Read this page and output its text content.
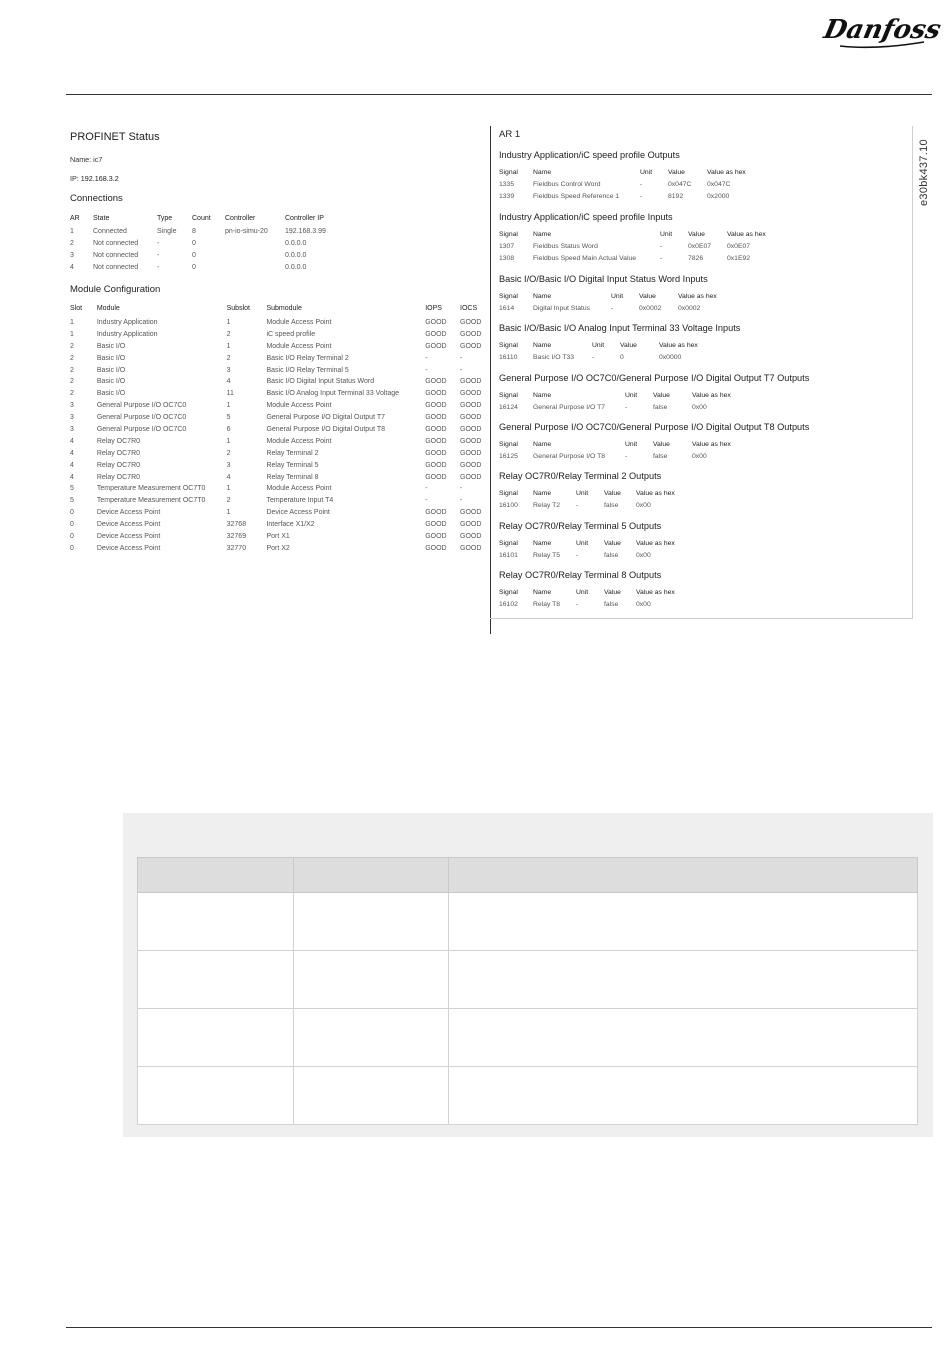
Danfoss
e30bk437.10
PROFINET Status
Name: ic7
IP: 192.168.3.2
Connections
AR	State	Type	Count	Controller	Controller IP
1	Connected	Single	8	pn-io-simu-20	192.168.3.99
2	Not connected	-	0		0.0.0.0
3	Not connected	-	0		0.0.0.0
4	Not connected	-	0		0.0.0.0
Module Configuration
Slot	Module	Subslot	Submodule	IOPS	IOCS
1	Industry Application	1	Module Access Point	GOOD	GOOD
1	Industry Application	2	iC speed profile	GOOD	GOOD
2	Basic I/O	1	Module Access Point	GOOD	GOOD
2	Basic I/O	2	Basic I/O Relay Terminal 2	-	-
2	Basic I/O	3	Basic I/O Relay Terminal 5	-	-
2	Basic I/O	4	Basic I/O Digital Input Status Word	GOOD	GOOD
2	Basic I/O	11	Basic I/O Analog Input Terminal 33 Voltage	GOOD	GOOD
3	General Purpose I/O OC7C0	1	Module Access Point	GOOD	GOOD
3	General Purpose I/O OC7C0	5	General Purpose I/O Digital Output T7	GOOD	GOOD
3	General Purpose I/O OC7C0	6	General Purpose I/O Digital Output T8	GOOD	GOOD
4	Relay OC7R0	1	Module Access Point	GOOD	GOOD
4	Relay OC7R0	2	Relay Terminal 2	GOOD	GOOD
4	Relay OC7R0	3	Relay Terminal 5	GOOD	GOOD
4	Relay OC7R0	4	Relay Terminal 8	GOOD	GOOD
5	Temperature Measurement OC7T0	1	Module Access Point	-	-
5	Temperature Measurement OC7T0	2	Temperature Input T4	-	-
0	Device Access Point	1	Device Access Point	GOOD	GOOD
0	Device Access Point	32768	Interface X1/X2	GOOD	GOOD
0	Device Access Point	32769	Port X1	GOOD	GOOD
0	Device Access Point	32770	Port X2	GOOD	GOOD
AR 1
Industry Application/iC speed profile Outputs
Signal	Name	Unit	Value	Value as hex
1335	Fieldbus Control Word	-	0x047C	0x047C
1339	Fieldbus Speed Reference 1	-	8192	0x2000
Industry Application/iC speed profile Inputs
Signal	Name	Unit	Value	Value as hex
1307	Fieldbus Status Word	-	0x0E07	0x0E07
1308	Fieldbus Speed Main Actual Value	-	7826	0x1E92
Basic I/O/Basic I/O Digital Input Status Word Inputs
Signal	Name	Unit	Value	Value as hex
1614	Digital Input Status	-	0x0002	0x0002
Basic I/O/Basic I/O Analog Input Terminal 33 Voltage Inputs
Signal	Name	Unit	Value	Value as hex
16110	Basic I/O T33	-	0	0x0000
General Purpose I/O OC7C0/General Purpose I/O Digital Output T7 Outputs
Signal	Name	Unit	Value	Value as hex
16124	General Purpose I/O T7	-	false	0x00
General Purpose I/O OC7C0/General Purpose I/O Digital Output T8 Outputs
Signal	Name	Unit	Value	Value as hex
16125	General Purpose I/O T8	-	false	0x00
Relay OC7R0/Relay Terminal 2 Outputs
Signal	Name	Unit	Value	Value as hex
16100	Relay T2	-	false	0x00
Relay OC7R0/Relay Terminal 5 Outputs
Signal	Name	Unit	Value	Value as hex
16101	Relay T5	-	false	0x00
Relay OC7R0/Relay Terminal 8 Outputs
Signal	Name	Unit	Value	Value as hex
16102	Relay T8	-	false	0x00
